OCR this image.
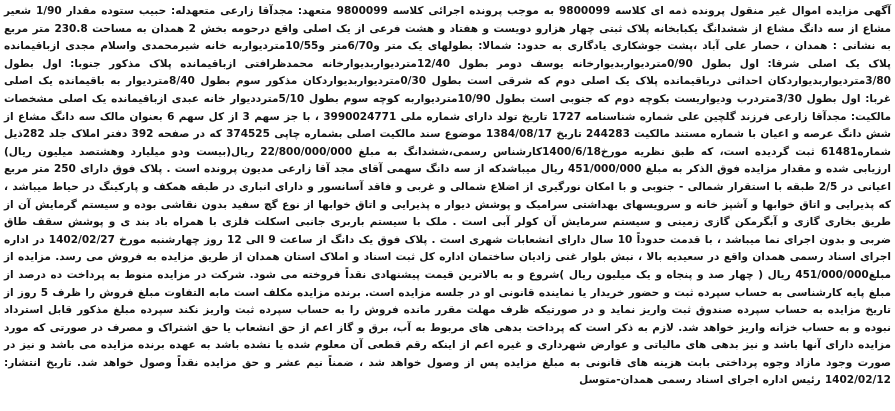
آگهی مزایده اموال غیر منقول پرونده ذمه ای کلاسه 9800099 به موجب پرونده اجرائی کلاسه 9800099 متعهد: مجدآقا زارعی متعهدله: حبیب ستوده مقدار 1/90 شعیر مشاع از سه دانگ مشاع از ششدانگ یکبابخانه پلاک ثبتی چهار هزارو دویست و هفتاد و هشت فرعی از یک اصلی واقع درحومه بخش 2 همدان به مساحت 230.8 متر مربع به نشانی : همدان ، حصار علی آباد ،پشت جوشکاری یادگاری به حدود: شمالا: بطولهای یک متر و6/70متر و10/55متردیواربه خانه شیرمحمدی واسلام مجدی ازباقیمانده پلاک یک اصلی شرقا: اول بطول 0/90متردیواربدیوارخانه یوسف دومر بطول 12/40متردیواربدیوارخانه محمدظرافتی ازباقیمانده پلاک مذکور جنوبا: اول بطول 3/80متردیواربدیواردکان احداثی درباقیمانده پلاک یک اصلی دوم که شرقی است بطول 0/30متردیواربدیواردکان مذکور سوم بطول 8/40متردیوار به باقیمانده یک اصلی غربا: اول بطول 3/30متردرب ودیواریست بکوچه دوم که جنوبی است بطول 10/90متردیواربه کوچه سوم بطول 5/10مترددیوار خانه عبدی ازباقیمانده یک اصلی مشخصات مالکیت: مجدآقا زارعی فرزند گلچین علی شماره شناسنامه 1727 تاریخ تولد دارای شماره ملی 3990024771 ، با جز سهم 3 از کل سهم 6 بعنوان مالک سه دانگ مشاع از شش دانگ عرصه و اعیان با شماره مستند مالکیت 244283 تاریخ 1384/08/17 موضوع سند مالکیت اصلی بشماره چاپی 374525 که در صفحه 392 دفتر املاک جلد 282ذیل شماره61481 ثبت گردیده است، که طبق نظریه مورخ1400/6/18کارشناس رسمی،ششدانگ به مبلغ 22/800/000/000 ریال(بیست ودو میلیارد وهشتصد میلیون ریال) ارزیابی شده و مقدار مزایده فوق الذکر به مبلغ 451/000/000 ریال میباشدکه از سه دانگ سهمی آقای مجد آقا زارعی مدیون پرونده است . پلاک فوق دارای 250 متر مربع اعیانی در 2/5 طبقه با استقرار شمالی - جنوبی و با امکان نورگیری از اضلاع شمالی و غربی و فاقد آسانسور و دارای انباری در طبقه همکف و پارکینگ در حیاط میباشد ، که پذیرایی و اتاق خوابها و آشپز خانه و سرویسهای بهداشتی سرامیک و پوشش دیوار ه پذیرایی و اتاق خوابها از نوع گچ سفید بدون نقاشی بوده و سیستم گرمایش آن از طریق بخاری گازی و آبگرمکن گازی زمینی و سیستم سرمایش آن کولر آبی است . ملک با سیستم باربری جانبی اسکلت فلزی با همراه باد بند ی و پوشش سقف طاق ضربی و بدون اجرای نما میباشد ، با قدمت حدوداً 10 سال دارای انشعابات شهری است . پلاک فوق یک دانگ از ساعت 9 الی 12 روز چهارشنبه مورخ 1402/02/27 در اداره اجرای اسناد رسمی همدان واقع در سعیدیه بالا ، نبش بلوار غنی زادیان ساختمان اداره کل ثبت اسناد و املاک استان همدان از طریق مزایده به فروش می رسد. مزایده از مبلغ451/000/000 ریال ( چهار صد و پنجاه و یک میلیون ریال )شروع و به بالاترین قیمت پیشنهادی نقداً فروخته می شود. شرکت در مزایده منوط به پرداخت ده درصد از مبلغ پایه کارشناسی به حساب سپرده ثبت و حضور خریدار یا نماینده قانونی او در جلسه مزایده است. برنده مزایده مکلف است مابه التفاوت مبلغ فروش را ظرف 5 روز از تاریخ مزایده به حساب سپرده صندوق ثبت واریز نماید و در صورتیکه ظرف مهلت مقرر مانده فروش را به حساب سپرده ثبت واریز نکند سپرده مبلغ مذکور قابل استرداد نبوده و به حساب خزانه واریز خواهد شد. لازم به ذکر است که پرداخت بدهی های مربوط به آب، برق و گاز اعم از حق انشعاب یا حق اشتراک و مصرف در صورتی که مورد مزایده دارای آنها باشد و نیز بدهی های مالیاتی و عوارض شهرداری و غیره اعم از اینکه رقم قطعی آن معلوم شده یا نشده باشد به عهده برنده مزایده می باشد و نیز در صورت وجود مازاد وجوه پرداختی بابت هزینه های قانونی به مبلغ مزایده پس از وصول خواهد شد ، ضمناً نیم عشر و حق مزایده نقداً وصول خواهد شد. تاریخ انتشار: 1402/02/12 رئیس اداره اجرای اسناد رسمی همدان-متوسل
